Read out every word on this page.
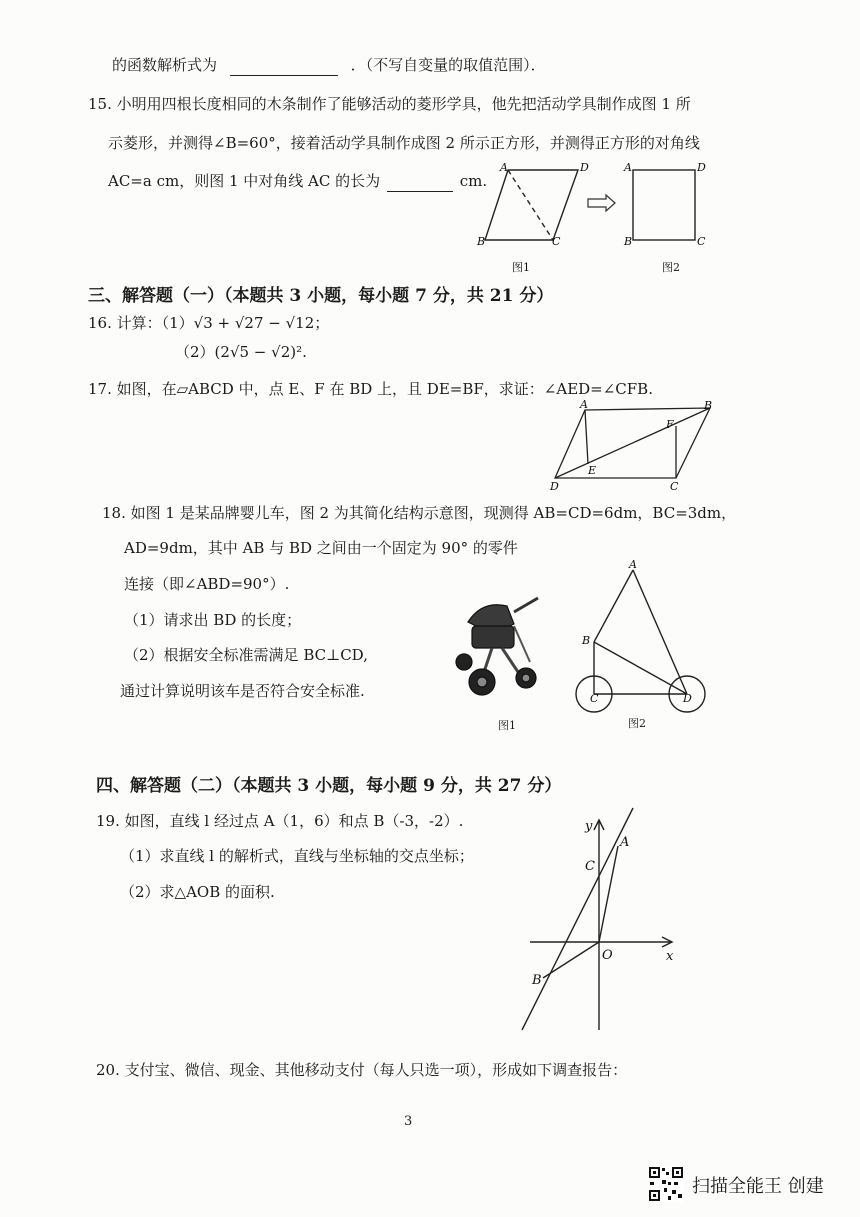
的函数解析式为	．（不写自变量的取值范围）．
15. 小明用四根长度相同的木条制作了能够活动的菱形学具，他先把活动学具制作成图 1 所
示菱形，并测得∠B=60°，接着活动学具制作成图 2 所示正方形，并测得正方形的对角线
AC=a cm，则图 1 中对角线 AC 的长为	cm.
A	D
B	C
A	D
B	C
图1	图2
三、解答题（一）（本题共 3 小题，每小题 7 分，共 21 分）
16. 计算：（1）√3 + √27 − √12；
（2）(2√5 − √2)².
17. 如图，在▱ABCD 中，点 E、F 在 BD 上，且 DE=BF，求证：∠AED=∠CFB.
A	B
F
E
D	C
18. 如图 1 是某品牌婴儿车，图 2 为其简化结构示意图，现测得 AB=CD=6dm，BC=3dm，
AD=9dm，其中 AB 与 BD 之间由一个固定为 90° 的零件
连接（即∠ABD=90°）.
（1）请求出 BD 的长度；
（2）根据安全标准需满足 BC⊥CD,
通过计算说明该车是否符合安全标准.
图1
A
B
C	D
图2
四、解答题（二）（本题共 3 小题，每小题 9 分，共 27 分）
19. 如图，直线 l 经过点 A（1，6）和点 B（-3，-2）.
（1）求直线 l 的解析式，直线与坐标轴的交点坐标；
（2）求△AOB 的面积.
x
y
O
A
C
B
20. 支付宝、微信、现金、其他移动支付（每人只选一项），形成如下调查报告：
3
扫描全能王 创建
